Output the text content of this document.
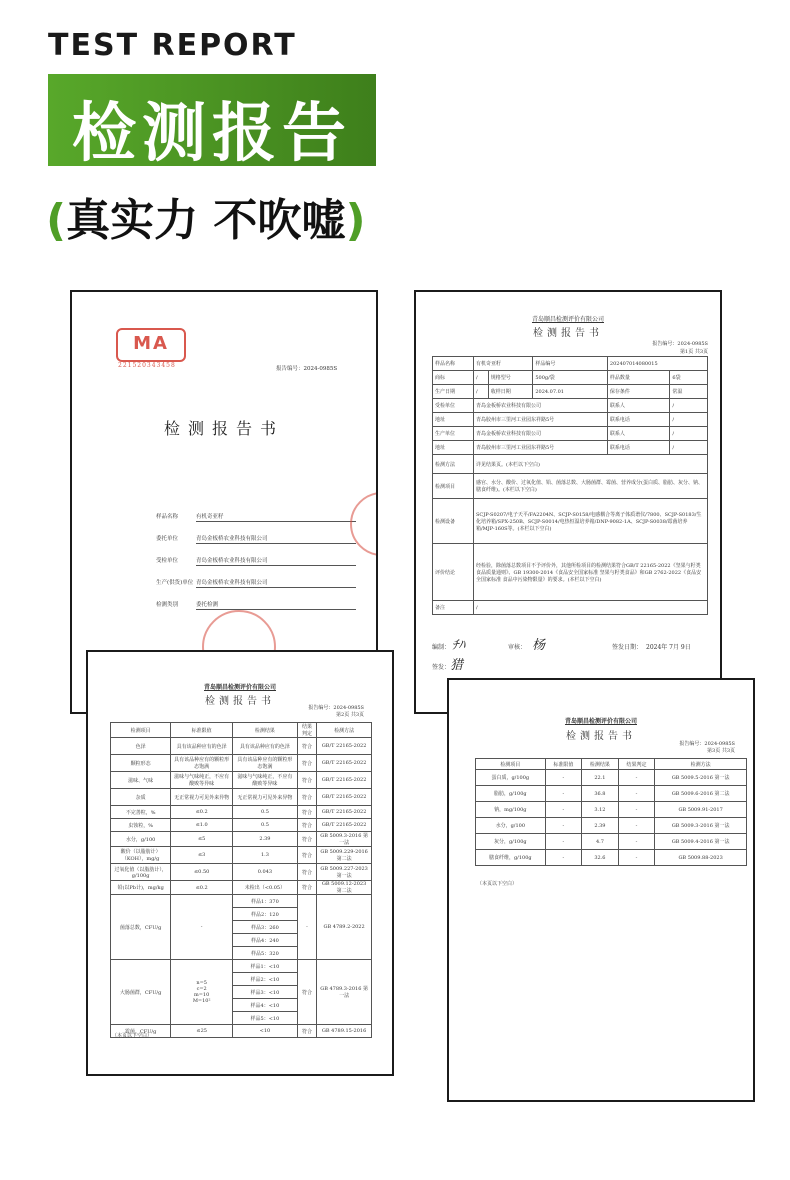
TEST REPORT
检测报告
(真实力 不吹嘘)
MA
221520343458	报告编号：2024-0985S
检测报告书
样品名称	有机奇亚籽
委托单位	青岛金板桥农业科技有限公司
受检单位	青岛金板桥农业科技有限公司
生产(供货)单位 青岛金板桥农业科技有限公司
检测类别	委托检测
青岛顺昌检测评价有限公司
检测报告书
报告编号：2024-0985S
第1页 共3页
样品名称	有机奇亚籽		样品编号	202407014080015	
商标	/	规格型号	500g/袋	样品数量	6袋
生产日期	/	收样日期	2024.07.01	保存条件	常温
受检单位	青岛金板桥农业科技有限公司			联系人	/
地址	青岛胶州市三里河工业园东祥路5号			联系电话	/
生产单位	青岛金板桥农业科技有限公司			联系人	/
地址	青岛胶州市三里河工业园东祥路5号			联系电话	/
检测方法	详见结果页。(本栏以下空白)				
检测项目	感官、水分、酸价、过氧化值、铅、菌落总数、大肠菌群、霉菌、营养成分(蛋白质、脂肪、灰分、钠、膳食纤维)。(本栏以下空白)				
检测设备	SCJP-S0207/电子天平/FA2204N、SCJP-S0158/电感耦合等离子体质谱仪/7800、SCJP-S0183/生化培养箱/SPX-250B、SCJP-S0014/电热恒温培养箱/DNP-9082-1A、SCJP-S0038/霉菌培养箱/MJP-160S等。(本栏以下空白)				
评价结论	经检验，除菌落总数项目不予评价外，其他所检项目的检测结果符合GB/T 22165-2022《坚果与籽类食品质量通则》、GB 19300-2014《食品安全国家标准 坚果与籽类食品》和GB 2762-2022《食品安全国家标准 食品中污染物限量》的要求。(本栏以下空白)				
备注	/				
编制： ﾁﾊ	审核： 杨	签发日期： 2024年 7月 9日
签发： 猎
青岛顺昌检测评价有限公司
检测报告书
报告编号：2024-0985S
第2页 共3页
检测项目	标准限值	检测结果	结果判定	检测方法
色泽	具有该品种应有的色泽	具有该品种应有的色泽	符合	GB/T 22165-2022
颗粒形态	具有该品种应有的颗粒形态饱满	具有该品种应有的颗粒形态饱满	符合	GB/T 22165-2022
滋味、气味	滋味与气味纯正，不应有酸败等异味	滋味与气味纯正，不应有酸败等异味	符合	GB/T 22165-2022
杂质	无正常视力可见外来异物	无正常视力可见外来异物	符合	GB/T 22165-2022
不完善粒，%	≤0.2	0.5	符合	GB/T 22165-2022
虫蚀粒，%	≤1.0	0.5	符合	GB/T 22165-2022
水分，g/100	≤5	2.39	符合	GB 5009.3-2016 第一法
酸价（以脂肪计）（KOH），mg/g	≤3	1.3	符合	GB 5009.229-2016 第二法
过氧化值（以脂肪计），g/100g	≤0.50	0.043	符合	GB 5009.227-2023 第一法
铅(以Pb计)，mg/kg	≤0.2	未检出（<0.05）	符合	GB 5009.12-2023 第二法
菌落总数，CFU/g	-	样品1：370	-	GB 4789.2-2022
		样品2：120		
		样品3：260		
		样品4：240		
		样品5：320		
大肠菌群，CFU/g	n=5
c=2
m=10
M=10²	样品1：<10	符合	GB 4789.3-2016 第一法
		样品2：<10		
		样品3：<10		
		样品4：<10		
		样品5：<10		
霉菌，CFU/g	≤25	<10	符合	GB 4789.15-2016
（本页以下空白）
青岛顺昌检测评价有限公司
检测报告书
报告编号：2024-0985S
第3页 共3页
检测项目	标准限值	检测结果	结果判定	检测方法
蛋白质，g/100g	-	22.1	-	GB 5009.5-2016 第一法
脂肪，g/100g	-	36.8	-	GB 5009.6-2016 第二法
钠，mg/100g	-	3.12	-	GB 5009.91-2017
水分，g/100	-	2.39	-	GB 5009.3-2016 第一法
灰分，g/100g	-	4.7	-	GB 5009.4-2016 第一法
膳食纤维，g/100g	-	32.6	-	GB 5009.88-2023
（本页以下空白）
